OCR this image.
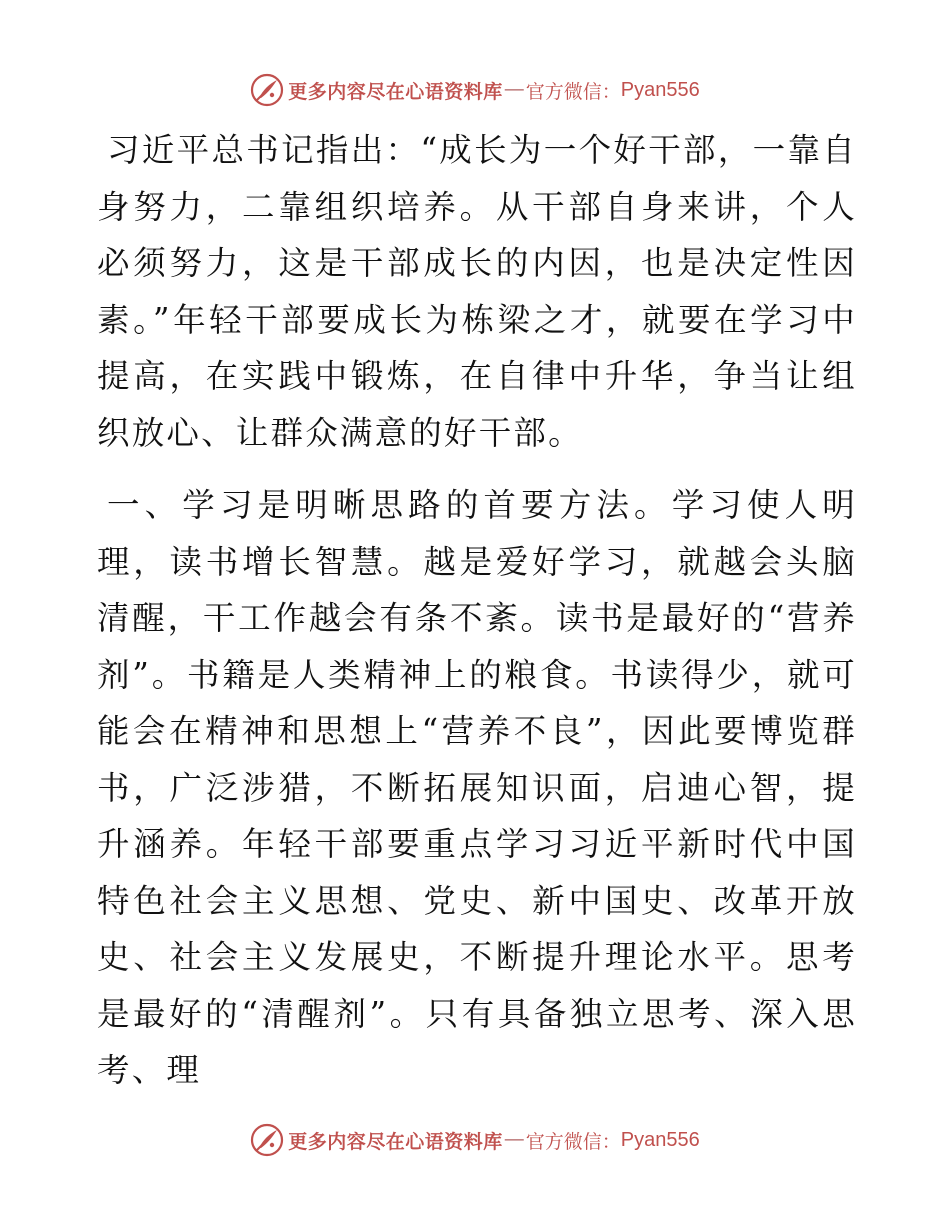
更多内容尽在心语资料库 — 官方微信： Pyan556

习近平总书记指出：“成长为一个好干部，一靠自身努力，二靠组织培养。从干部自身来讲，个人必须努力，这是干部成长的内因，也是决定性因素。”年轻干部要成长为栋梁之才，就要在学习中提高，在实践中锻炼，在自律中升华，争当让组织放心、让群众满意的好干部。

一、学习是明晰思路的首要方法。学习使人明理，读书增长智慧。越是爱好学习，就越会头脑清醒，干工作越会有条不紊。读书是最好的“营养剂”。书籍是人类精神上的粮食。书读得少，就可能会在精神和思想上“营养不良”，因此要博览群书，广泛涉猎，不断拓展知识面，启迪心智，提升涵养。年轻干部要重点学习习近平新时代中国特色社会主义思想、党史、新中国史、改革开放史、社会主义发展史，不断提升理论水平。思考是最好的“清醒剂”。只有具备独立思考、深入思考、理

更多内容尽在心语资料库 — 官方微信： Pyan556
